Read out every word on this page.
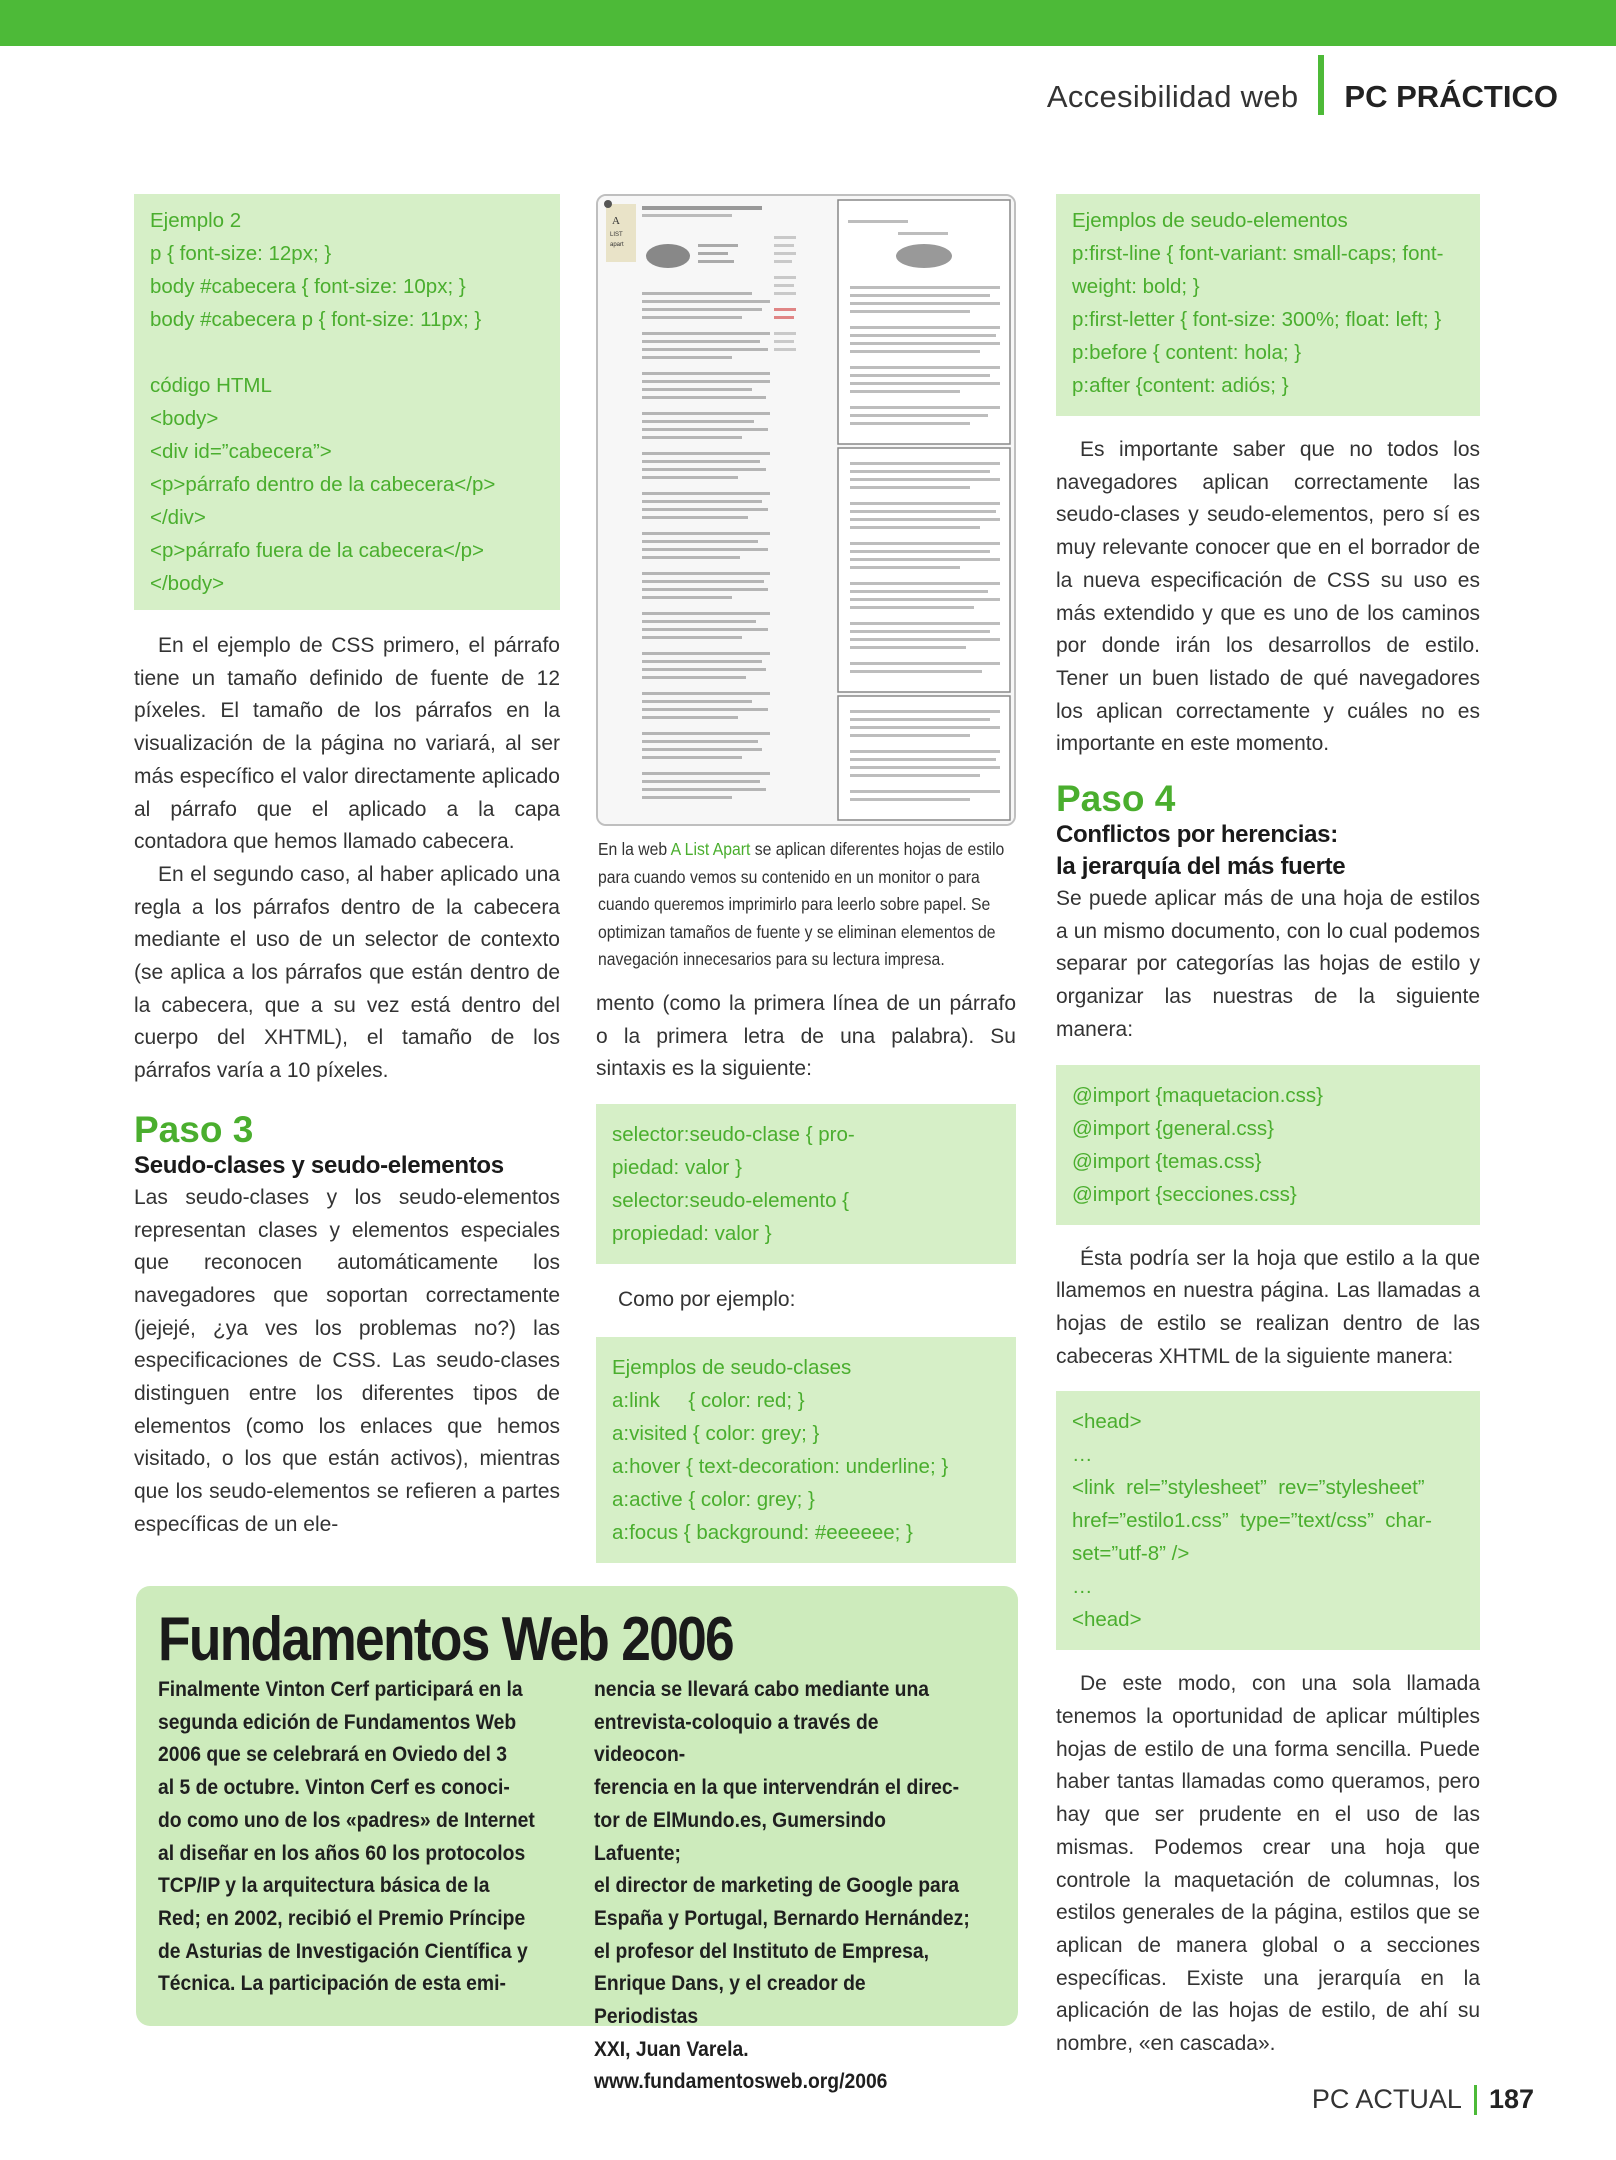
Accesibilidad web PC PRÁCTICO
Ejemplo 2
p { font-size: 12px; }
body #cabecera { font-size: 10px; }
body #cabecera p { font-size: 11px; }
código HTML
<body>
<div id=”cabecera”>
<p>párrafo dentro de la cabecera</p>
</div>
<p>párrafo fuera de la cabecera</p>
</body>

En el ejemplo de CSS primero, el párrafo tiene un tamaño definido de fuente de 12 píxeles. El tamaño de los párrafos en la visualización de la página no variará, al ser más específico el valor directamente aplicado al párrafo que el aplicado a la capa contadora que hemos llamado cabecera.

En el segundo caso, al haber aplicado una regla a los párrafos dentro de la cabecera mediante el uso de un selector de contexto (se aplica a los párrafos que están dentro de la cabecera, que a su vez está dentro del cuerpo del XHTML), el tamaño de los párrafos varía a 10 píxeles.

Paso 3
Seudo-clases y seudo-elementos

Las seudo-clases y los seudo-elementos representan clases y elementos especiales que reconocen automáticamente los navegadores que soportan correctamente (jejejé, ¿ya ves los problemas no?) las especificaciones de CSS. Las seudo-clases distinguen entre los diferentes tipos de elementos (como los enlaces que hemos visitado, o los que están activos), mientras que los seudo-elementos se refieren a partes específicas de un ele-

A
LIST
apart
En la web A List Apart se aplican diferentes hojas de estilo para cuando vemos su contenido en un monitor o para cuando queremos imprimirlo para leerlo sobre papel. Se optimizan tamaños de fuente y se eliminan elementos de navegación innecesarios para su lectura impresa.

mento (como la primera línea de un párrafo o la primera letra de una palabra). Su sintaxis es la siguiente:

selector:seudo-clase { pro-
piedad: valor }
selector:seudo-elemento {
propiedad: valor }

Como por ejemplo:

Ejemplos de seudo-clases
a:link     { color: red; }
a:visited { color: grey; }
a:hover { text-decoration: underline; }
a:active { color: grey; }
a:focus { background: #eeeeee; }
Ejemplos de seudo-elementos
p:first-line { font-variant: small-caps; font-
weight: bold; }
p:first-letter { font-size: 300%; float: left; }
p:before { content: hola; }
p:after {content: adiós; }

Es importante saber que no todos los navegadores aplican correctamente las seudo-clases y seudo-elementos, pero sí es muy relevante conocer que en el borrador de la nueva especificación de CSS su uso es más extendido y que es uno de los caminos por donde irán los desarrollos de estilo. Tener un buen listado de qué navegadores los aplican correctamente y cuáles no es importante en este momento.

Paso 4
Conflictos por herencias:
la jerarquía del más fuerte

Se puede aplicar más de una hoja de estilos a un mismo documento, con lo cual podemos separar por categorías las hojas de estilo y organizar las nuestras de la siguiente manera:

@import {maquetacion.css}
@import {general.css}
@import {temas.css}
@import {secciones.css}

Ésta podría ser la hoja que estilo a la que llamemos en nuestra página. Las llamadas a hojas de estilo se realizan dentro de las cabeceras XHTML de la siguiente manera:

<head>
…
<link  rel=”stylesheet”  rev=”stylesheet”
href=”estilo1.css”  type=”text/css”  char-
set=”utf-8” />
…
<head>

De este modo, con una sola llamada tenemos la oportunidad de aplicar múltiples hojas de estilo de una forma sencilla. Puede haber tantas llamadas como queramos, pero hay que ser prudente en el uso de las mismas. Podemos crear una hoja que controle la maquetación de columnas, los estilos generales de la página, estilos que se aplican de manera global o a secciones específicas. Existe una jerarquía en la aplicación de las hojas de estilo, de ahí su nombre, «en cascada».

Fundamentos Web 2006
Finalmente Vinton Cerf participará en la
segunda edición de Fundamentos Web
2006 que se celebrará en Oviedo del 3
al 5 de octubre. Vinton Cerf es conoci-
do como uno de los «padres» de Internet
al diseñar en los años 60 los protocolos
TCP/IP y la arquitectura básica de la
Red; en 2002, recibió el Premio Príncipe
de Asturias de Investigación Científica y
Técnica. La participación de esta emi-
nencia se llevará cabo mediante una
entrevista-coloquio a través de videocon-
ferencia en la que intervendrán el direc-
tor de ElMundo.es, Gumersindo Lafuente;
el director de marketing de Google para
España y Portugal, Bernardo Hernández;
el profesor del Instituto de Empresa,
Enrique Dans, y el creador de Periodistas
XXI, Juan Varela.
www.fundamentosweb.org/2006
PC ACTUAL 187
